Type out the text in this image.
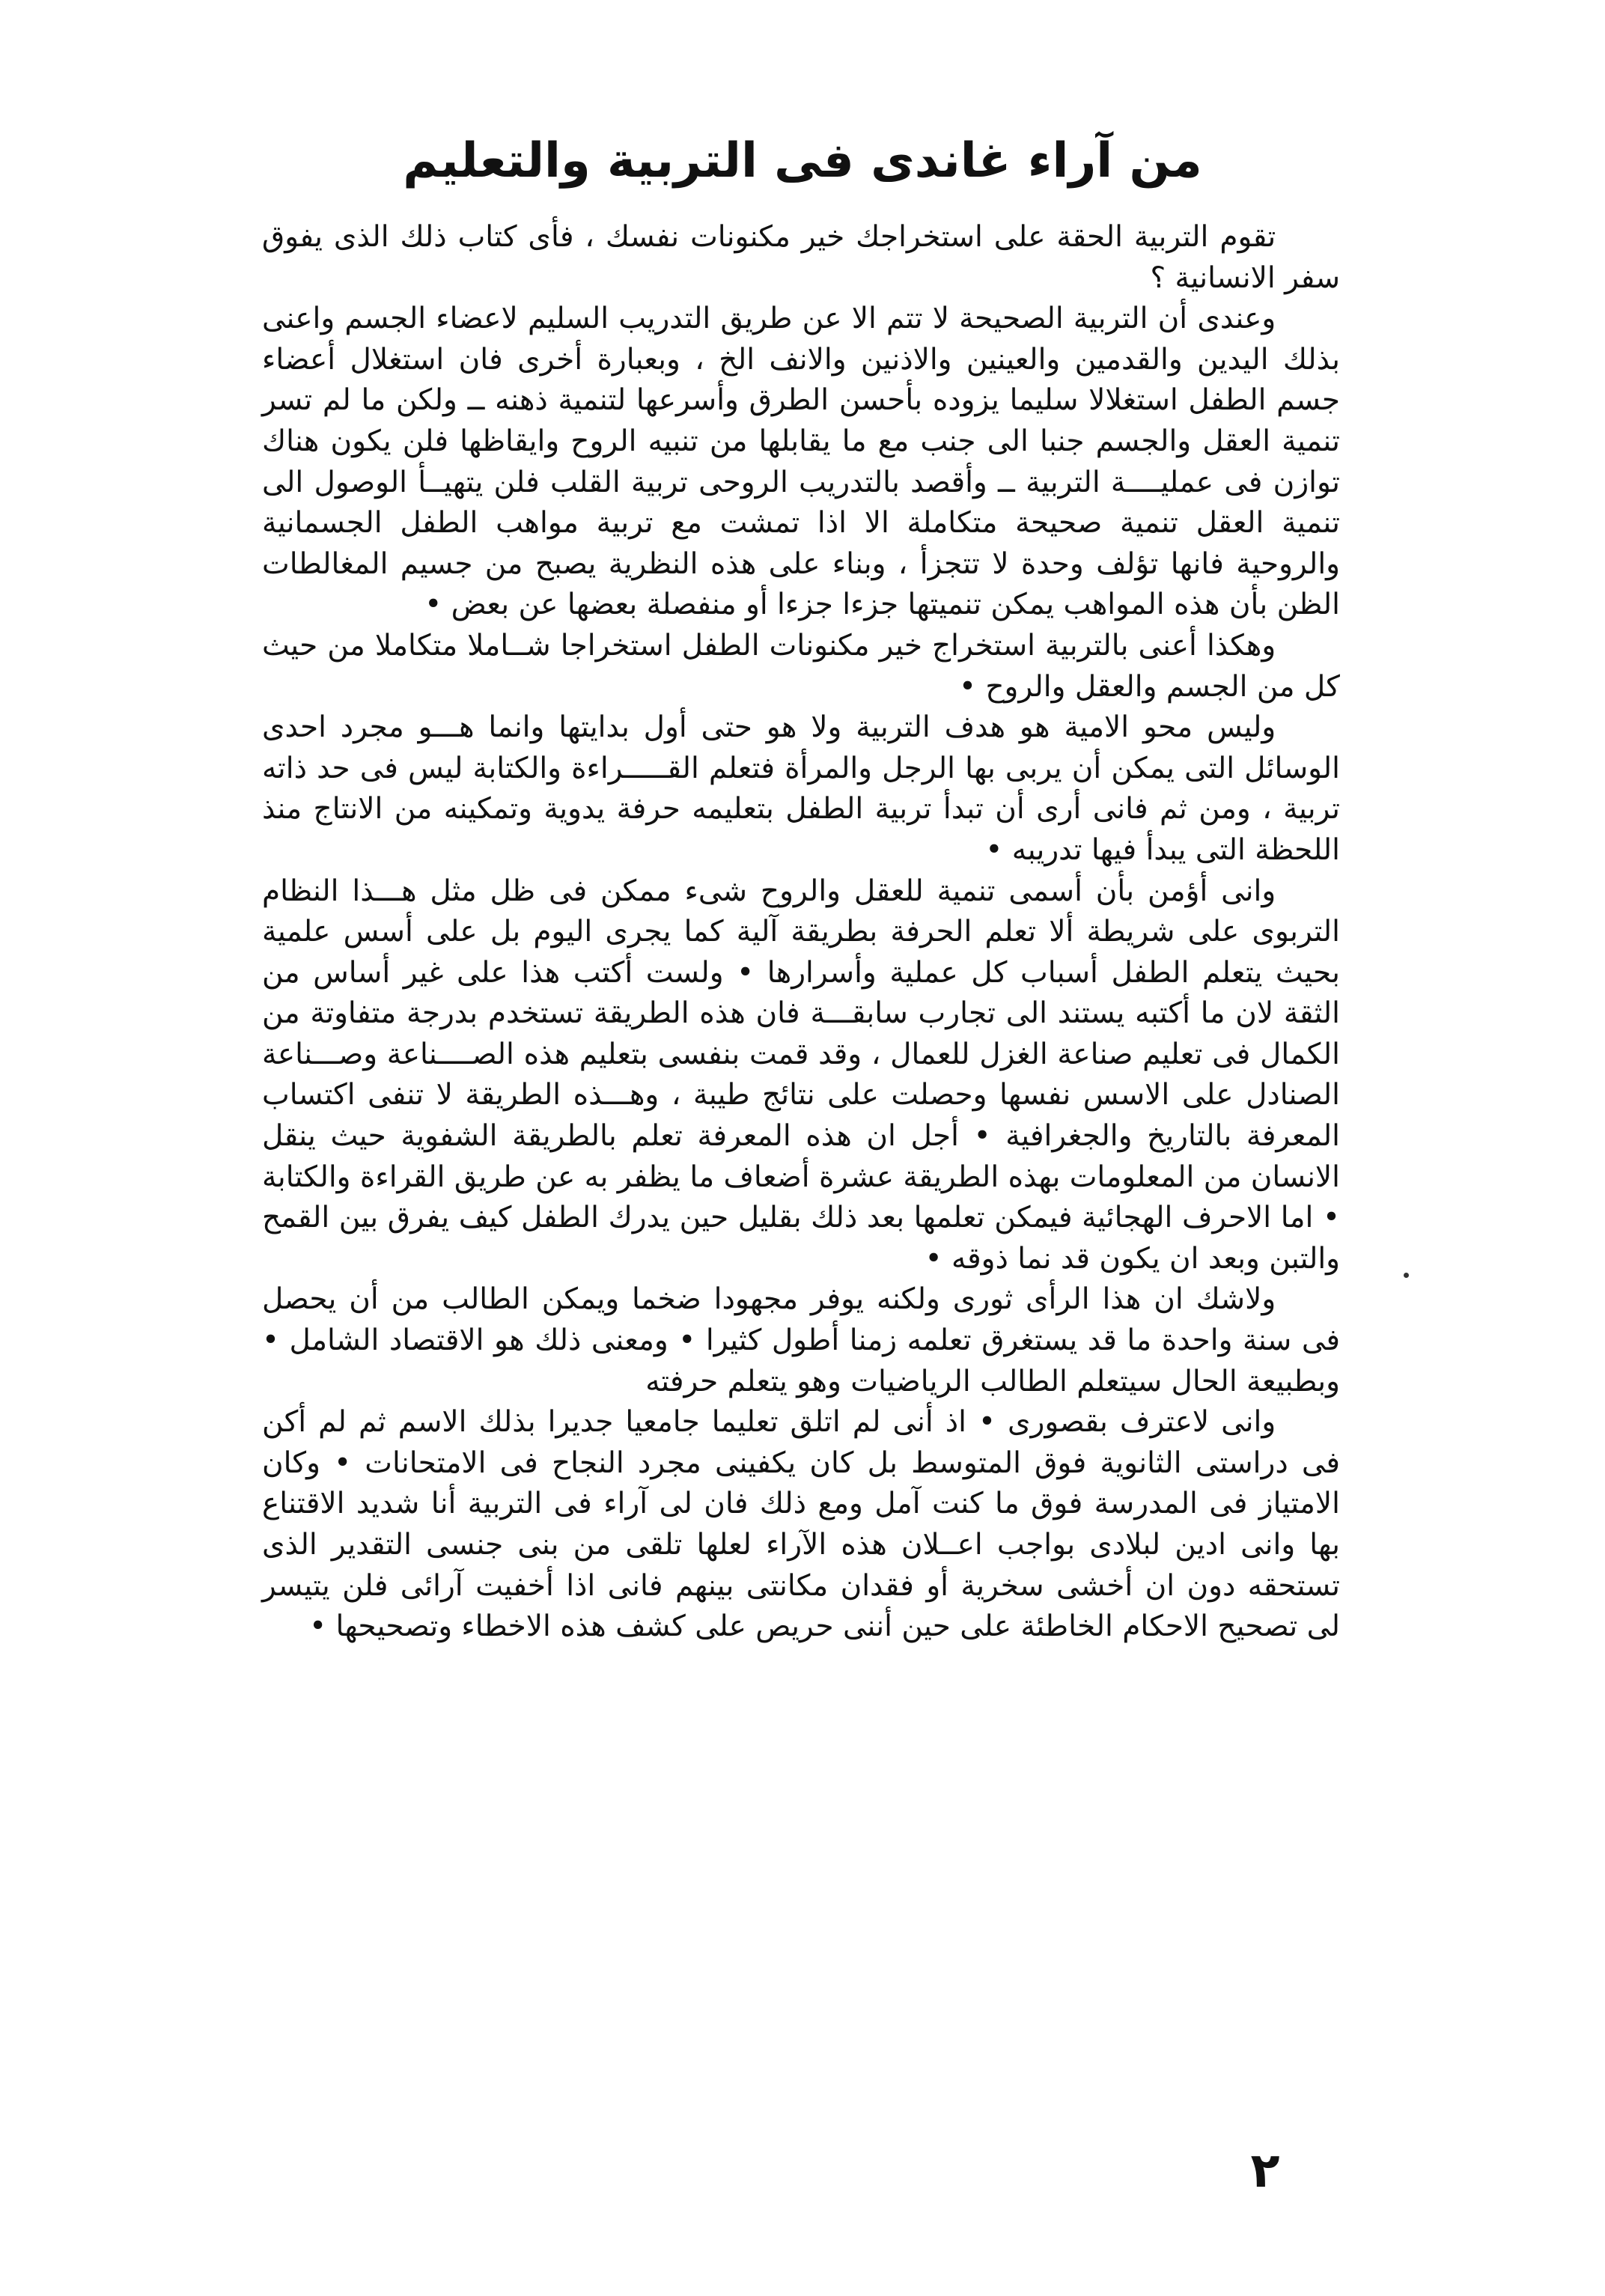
من آراء غاندى فى التربية والتعليم

تقوم التربية الحقة على استخراجك خير مكنونات نفسك ، فأى كتاب ذلك الذى يفوق سفر الانسانية ؟

وعندى أن التربية الصحيحة لا تتم الا عن طريق التدريب السليم لاعضاء الجسم واعنى بذلك اليدين والقدمين والعينين والاذنين والانف الخ ، وبعبارة أخرى فان استغلال أعضاء جسم الطفل استغلالا سليما يزوده بأحسن الطرق وأسرعها لتنمية ذهنه ــ ولكن ما لم تسر تنمية العقل والجسم جنبا الى جنب مع ما يقابلها من تنبيه الروح وايقاظها فلن يكون هناك توازن فى عمليــــة التربية ــ وأقصد بالتدريب الروحى تربية القلب فلن يتهيــأ الوصول الى تنمية العقل تنمية صحيحة متكاملة الا اذا تمشت مع تربية مواهب الطفل الجسمانية والروحية فانها تؤلف وحدة لا تتجزأ ، وبناء على هذه النظرية يصبح من جسيم المغالطات الظن بأن هذه المواهب يمكن تنميتها جزءا جزءا أو منفصلة بعضها عن بعض •

وهكذا أعنى بالتربية استخراج خير مكنونات الطفل استخراجا شــاملا متكاملا من حيث كل من الجسم والعقل والروح •

وليس محو الامية هو هدف التربية ولا هو حتى أول بدايتها وانما هـــو مجرد احدى الوسائل التى يمكن أن يربى بها الرجل والمرأة فتعلم القـــــراءة والكتابة ليس فى حد ذاته تربية ، ومن ثم فانى أرى أن تبدأ تربية الطفل بتعليمه حرفة يدوية وتمكينه من الانتاج منذ اللحظة التى يبدأ فيها تدريبه •

وانى أؤمن بأن أسمى تنمية للعقل والروح شىء ممكن فى ظل مثل هـــذا النظام التربوى على شريطة ألا تعلم الحرفة بطريقة آلية كما يجرى اليوم بل على أسس علمية بحيث يتعلم الطفل أسباب كل عملية وأسرارها • ولست أكتب هذا على غير أساس من الثقة لان ما أكتبه يستند الى تجارب سابقـــة فان هذه الطريقة تستخدم بدرجة متفاوتة من الكمال فى تعليم صناعة الغزل للعمال ، وقد قمت بنفسى بتعليم هذه الصــــناعة وصـــناعة الصنادل على الاسس نفسها وحصلت على نتائج طيبة ، وهـــذه الطريقة لا تنفى اكتساب المعرفة بالتاريخ والجغرافية • أجل ان هذه المعرفة تعلم بالطريقة الشفوية حيث ينقل الانسان من المعلومات بهذه الطريقة عشرة أضعاف ما يظفر به عن طريق القراءة والكتابة • اما الاحرف الهجائية فيمكن تعلمها بعد ذلك بقليل حين يدرك الطفل كيف يفرق بين القمح والتبن وبعد ان يكون قد نما ذوقه •

ولاشك ان هذا الرأى ثورى ولكنه يوفر مجهودا ضخما ويمكن الطالب من أن يحصل فى سنة واحدة ما قد يستغرق تعلمه زمنا أطول كثيرا • ومعنى ذلك هو الاقتصاد الشامل • وبطبيعة الحال سيتعلم الطالب الرياضيات وهو يتعلم حرفته

وانى لاعترف بقصورى • اذ أنى لم اتلق تعليما جامعيا جديرا بذلك الاسم ثم لم أكن فى دراستى الثانوية فوق المتوسط بل كان يكفينى مجرد النجاح فى الامتحانات • وكان الامتياز فى المدرسة فوق ما كنت آمل ومع ذلك فان لى آراء فى التربية أنا شديد الاقتناع بها وانى ادين لبلادى بواجب اعــلان هذه الآراء لعلها تلقى من بنى جنسى التقدير الذى تستحقه دون ان أخشى سخرية أو فقدان مكانتى بينهم فانى اذا أخفيت آرائى فلن يتيسر لى تصحيح الاحكام الخاطئة على حين أننى حريص على كشف هذه الاخطاء وتصحيحها •

٢
